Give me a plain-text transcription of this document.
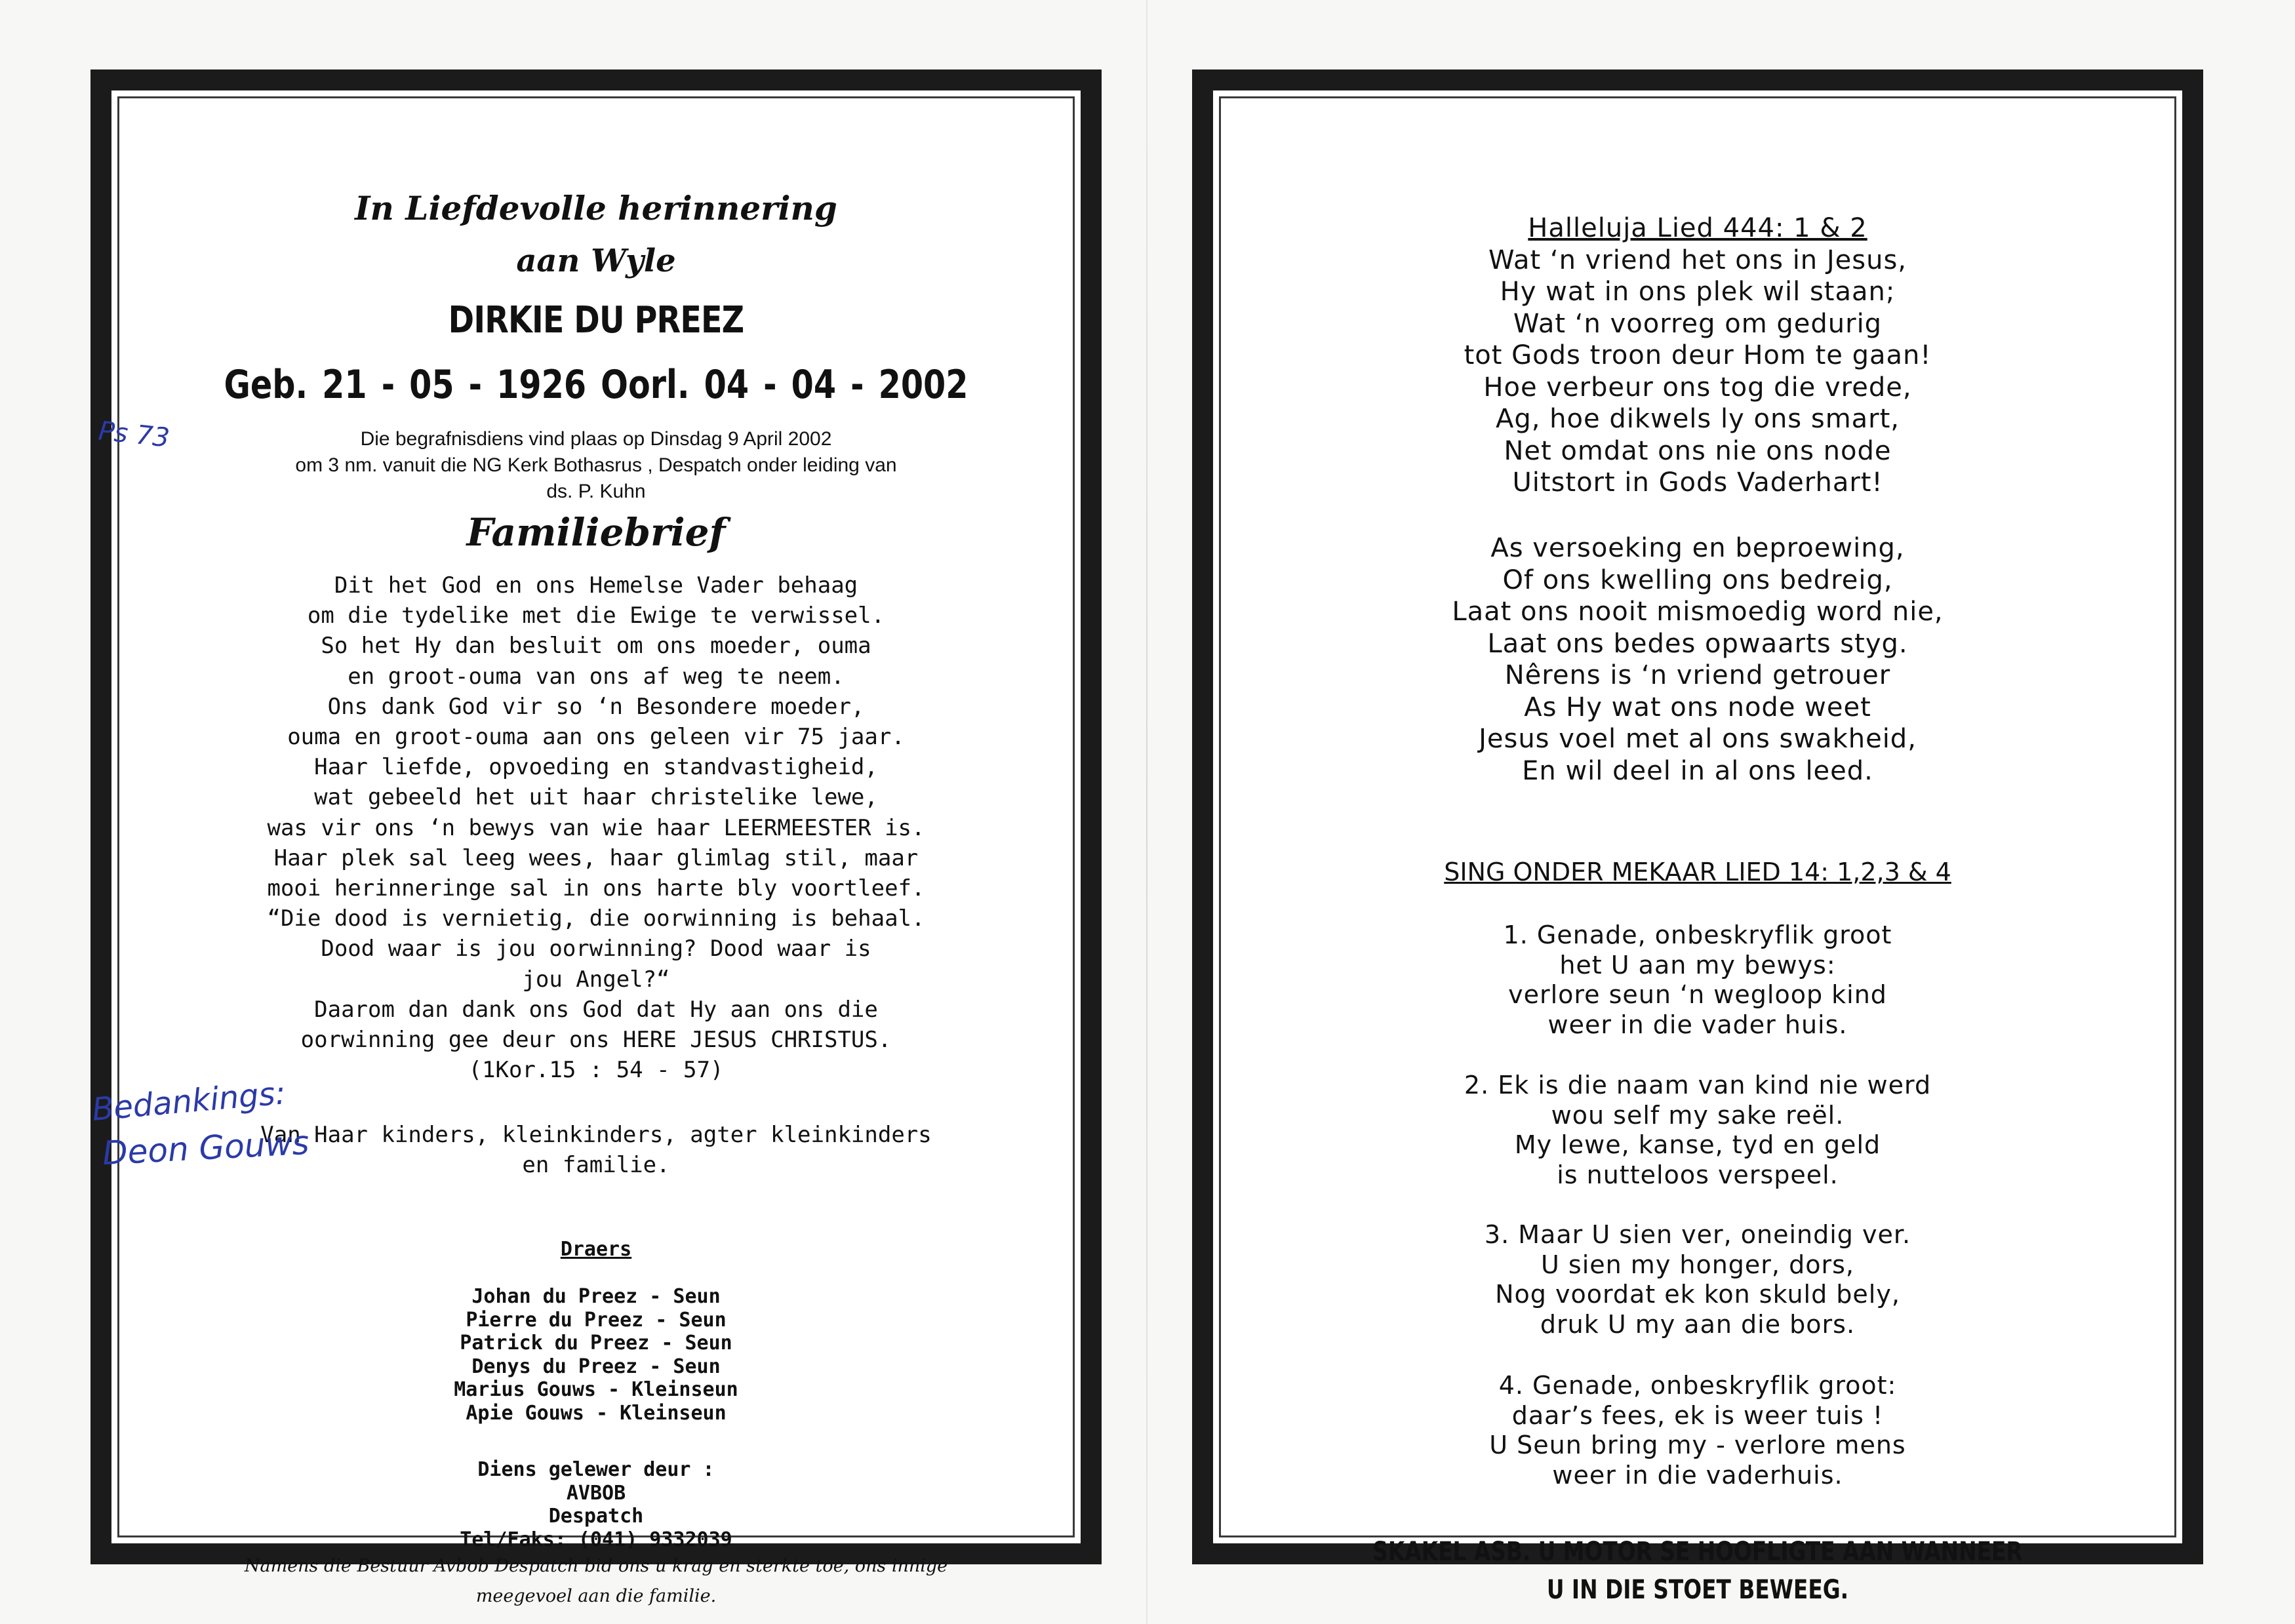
In Liefdevolle herinnering
aan Wyle
DIRKIE DU PREEZ
Geb. 21 - 05 - 1926 Oorl. 04 - 04 - 2002
Die begrafnisdiens vind plaas op Dinsdag 9 April 2002
om 3 nm. vanuit die NG Kerk Bothasrus , Despatch onder leiding van
ds. P. Kuhn
Familiebrief
Dit het God en ons Hemelse Vader behaag
om die tydelike met die Ewige te verwissel.
So het Hy dan besluit om ons moeder, ouma
en groot-ouma van ons af weg te neem.
Ons dank God vir so ‘n Besondere moeder,
ouma en groot-ouma aan ons geleen vir 75 jaar.
Haar liefde, opvoeding en standvastigheid,
wat gebeeld het uit haar christelike lewe,
was vir ons ‘n bewys van wie haar LEERMEESTER is.
Haar plek sal leeg wees, haar glimlag stil, maar
mooi herinneringe sal in ons harte bly voortleef.
“Die dood is vernietig, die oorwinning is behaal.
Dood waar is jou oorwinning? Dood waar is
jou Angel?“
Daarom dan dank ons God dat Hy aan ons die
oorwinning gee deur ons HERE JESUS CHRISTUS.
(1Kor.15 : 54 - 57)
Van Haar kinders, kleinkinders, agter kleinkinders
en familie.
Draers
Johan du Preez - Seun
Pierre du Preez - Seun
Patrick du Preez - Seun
Denys du Preez - Seun
Marius Gouws - Kleinseun
Apie Gouws - Kleinseun
Diens gelewer deur :
AVBOB
Despatch
Tel/Faks: (041) 9332039
Namens die Bestuur Avbob Despatch bid ons u krag en sterkte toe, ons innige
meegevoel aan die familie.
Ps 73
Bedankings:
Deon Gouws
Halleluja Lied 444: 1 & 2
Wat ‘n vriend het ons in Jesus,
Hy wat in ons plek wil staan;
Wat ‘n voorreg om gedurig
tot Gods troon deur Hom te gaan!
Hoe verbeur ons tog die vrede,
Ag, hoe dikwels ly ons smart,
Net omdat ons nie ons node
Uitstort in Gods Vaderhart!
As versoeking en beproewing,
Of ons kwelling ons bedreig,
Laat ons nooit mismoedig word nie,
Laat ons bedes opwaarts styg.
Nêrens is ‘n vriend getrouer
As Hy wat ons node weet
Jesus voel met al ons swakheid,
En wil deel in al ons leed.
SING ONDER MEKAAR LIED 14: 1,2,3 & 4
1. Genade, onbeskryflik groot
het U aan my bewys:
verlore seun ‘n wegloop kind
weer in die vader huis.
2. Ek is die naam van kind nie werd
wou self my sake reël.
My lewe, kanse, tyd en geld
is nutteloos verspeel.
3. Maar U sien ver, oneindig ver.
U sien my honger, dors,
Nog voordat ek kon skuld bely,
druk U my aan die bors.
4. Genade, onbeskryflik groot:
daar’s fees, ek is weer tuis !
U Seun bring my - verlore mens
weer in die vaderhuis.
SKAKEL ASB. U MOTOR SE HOOFLIGTE AAN WANNEER
U IN DIE STOET BEWEEG.
